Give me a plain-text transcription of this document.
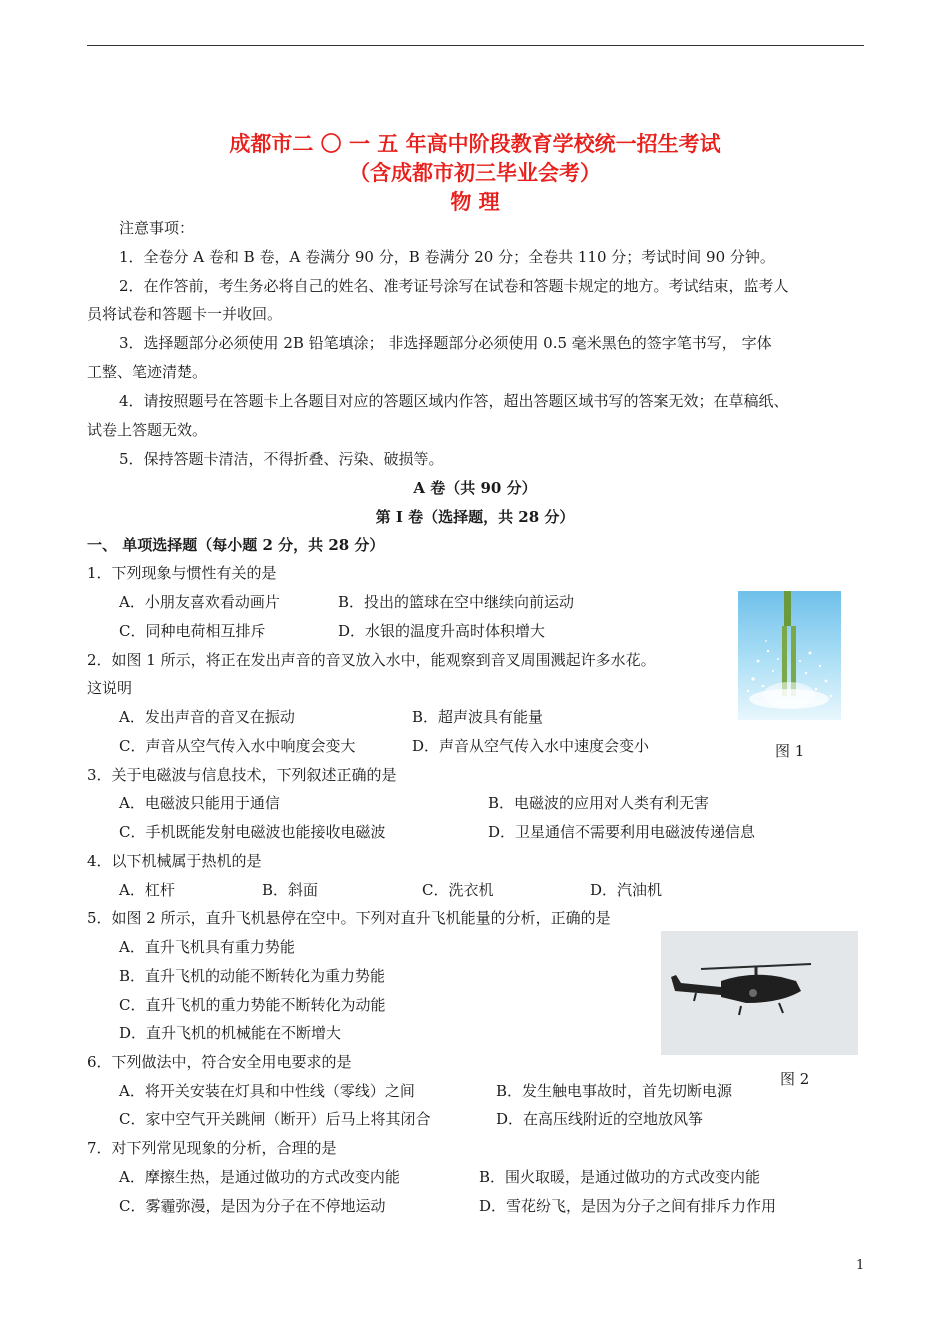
成都市二 〇 一 五 年高中阶段教育学校统一招生考试
（含成都市初三毕业会考）
物 理
注意事项：
1．全卷分 A 卷和 B 卷，A 卷满分 90 分，B 卷满分 20 分；全卷共 110 分；考试时间 90 分钟。
2．在作答前，考生务必将自己的姓名、准考证号涂写在试卷和答题卡规定的地方。考试结束，监考人
员将试卷和答题卡一并收回。
3．选择题部分必须使用 2B 铅笔填涂； 非选择题部分必须使用 0.5 毫米黑色的签字笔书写， 字体
工整、笔迹清楚。
4．请按照题号在答题卡上各题目对应的答题区域内作答，超出答题区域书写的答案无效；在草稿纸、
试卷上答题无效。
5．保持答题卡清洁，不得折叠、污染、破损等。
A 卷（共 90 分）
第 I 卷（选择题，共 28 分）
一、 单项选择题（每小题 2 分，共 28 分）
1．下列现象与惯性有关的是
A．小朋友喜欢看动画片	B．投出的篮球在空中继续向前运动
C．同种电荷相互排斥	D．水银的温度升高时体积增大
2．如图 1 所示，将正在发出声音的音叉放入水中，能观察到音叉周围溅起许多水花。
这说明
A．发出声音的音叉在振动	B．超声波具有能量
C．声音从空气传入水中响度会变大	D．声音从空气传入水中速度会变小	图 1
3．关于电磁波与信息技术，下列叙述正确的是
A．电磁波只能用于通信	B．电磁波的应用对人类有利无害
C．手机既能发射电磁波也能接收电磁波	D．卫星通信不需要利用电磁波传递信息
4．以下机械属于热机的是
A．杠杆	B．斜面	C．洗衣机	D．汽油机
5．如图 2 所示，直升飞机悬停在空中。下列对直升飞机能量的分析，正确的是
A．直升飞机具有重力势能
B．直升飞机的动能不断转化为重力势能
C．直升飞机的重力势能不断转化为动能
D．直升飞机的机械能在不断增大
图 2
6．下列做法中，符合安全用电要求的是
A．将开关安装在灯具和中性线（零线）之间	B．发生触电事故时，首先切断电源
C．家中空气开关跳闸（断开）后马上将其闭合	D．在高压线附近的空地放风筝
7．对下列常见现象的分析，合理的是
A．摩擦生热，是通过做功的方式改变内能	B．围火取暖，是通过做功的方式改变内能
C．雾霾弥漫，是因为分子在不停地运动	D．雪花纷飞，是因为分子之间有排斥力作用
1
